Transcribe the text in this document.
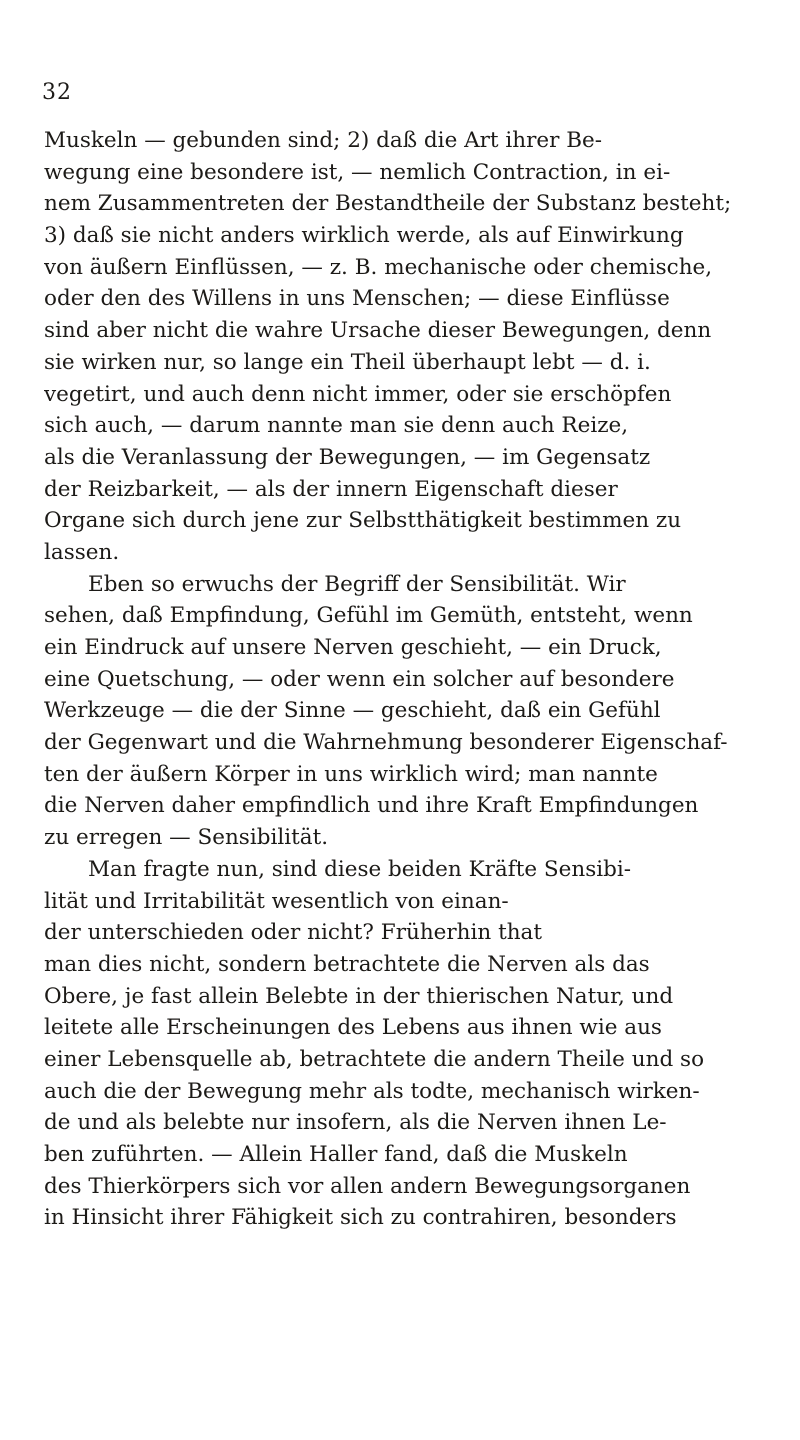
32
Muskeln — gebunden sind; 2) daß die Art ihrer Be-
wegung eine besondere ist, — nemlich Contraction, in ei-
nem Zusammentreten der Bestandtheile der Substanz besteht;
3) daß sie nicht anders wirklich werde, als auf Einwirkung
von äußern Einflüssen, — z. B. mechanische oder chemische,
oder den des Willens in uns Menschen; — diese Einflüsse
sind aber nicht die wahre Ursache dieser Bewegungen, denn
sie wirken nur, so lange ein Theil überhaupt lebt — d. i.
vegetirt, und auch denn nicht immer, oder sie erschöpfen
sich auch, — darum nannte man sie denn auch Reize,
als die Veranlassung der Bewegungen, — im Gegensatz
der Reizbarkeit, — als der innern Eigenschaft dieser
Organe sich durch jene zur Selbstthätigkeit bestimmen zu
lassen.
Eben so erwuchs der Begriff der Sensibilität. Wir
sehen, daß Empfindung, Gefühl im Gemüth, entsteht, wenn
ein Eindruck auf unsere Nerven geschieht, — ein Druck,
eine Quetschung, — oder wenn ein solcher auf besondere
Werkzeuge — die der Sinne — geschieht, daß ein Gefühl
der Gegenwart und die Wahrnehmung besonderer Eigenschaf-
ten der äußern Körper in uns wirklich wird; man nannte
die Nerven daher empfindlich und ihre Kraft Empfindungen
zu erregen — Sensibilität.
Man fragte nun, sind diese beiden Kräfte Sensibi-
lität und Irritabilität wesentlich von einan-
der unterschieden oder nicht? Früherhin that
man dies nicht, sondern betrachtete die Nerven als das
Obere, je fast allein Belebte in der thierischen Natur, und
leitete alle Erscheinungen des Lebens aus ihnen wie aus
einer Lebensquelle ab, betrachtete die andern Theile und so
auch die der Bewegung mehr als todte, mechanisch wirken-
de und als belebte nur insofern, als die Nerven ihnen Le-
ben zuführten. — Allein Haller fand, daß die Muskeln
des Thierkörpers sich vor allen andern Bewegungsorganen
in Hinsicht ihrer Fähigkeit sich zu contrahiren, besonders
